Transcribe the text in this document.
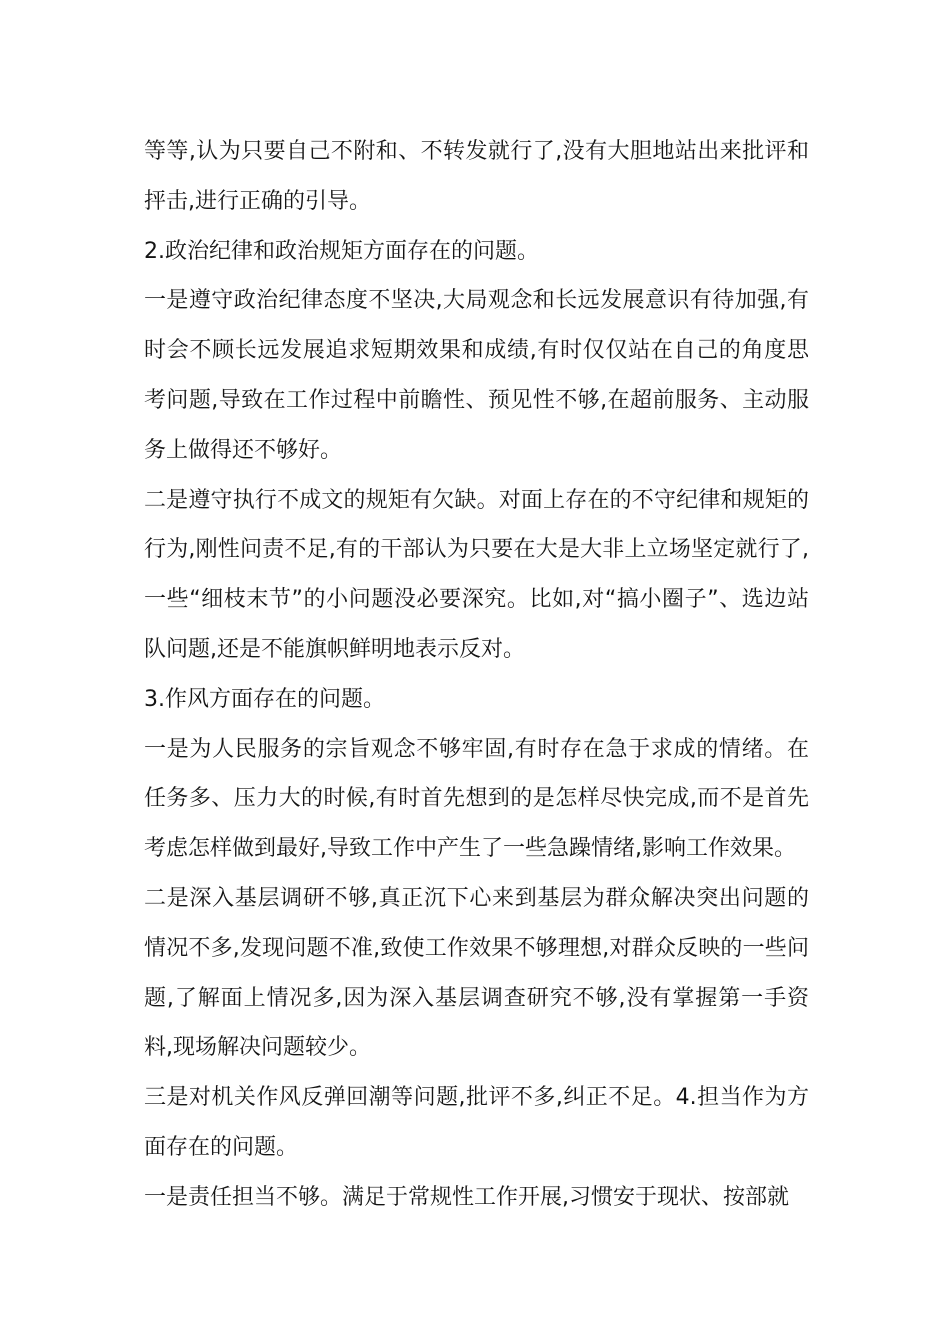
等等,认为只要自己不附和、不转发就行了,没有大胆地站出来批评和抨击,进行正确的引导。

2.政治纪律和政治规矩方面存在的问题。

一是遵守政治纪律态度不坚决,大局观念和长远发展意识有待加强,有时会不顾长远发展追求短期效果和成绩,有时仅仅站在自己的角度思考问题,导致在工作过程中前瞻性、预见性不够,在超前服务、主动服务上做得还不够好。

二是遵守执行不成文的规矩有欠缺。对面上存在的不守纪律和规矩的行为,刚性问责不足,有的干部认为只要在大是大非上立场坚定就行了,一些“细枝末节”的小问题没必要深究。比如,对“搞小圈子”、选边站队问题,还是不能旗帜鲜明地表示反对。

3.作风方面存在的问题。

一是为人民服务的宗旨观念不够牢固,有时存在急于求成的情绪。在任务多、压力大的时候,有时首先想到的是怎样尽快完成,而不是首先考虑怎样做到最好,导致工作中产生了一些急躁情绪,影响工作效果。

二是深入基层调研不够,真正沉下心来到基层为群众解决突出问题的情况不多,发现问题不准,致使工作效果不够理想,对群众反映的一些问题,了解面上情况多,因为深入基层调查研究不够,没有掌握第一手资料,现场解决问题较少。

三是对机关作风反弹回潮等问题,批评不多,纠正不足。4.担当作为方面存在的问题。

一是责任担当不够。满足于常规性工作开展,习惯安于现状、按部就
